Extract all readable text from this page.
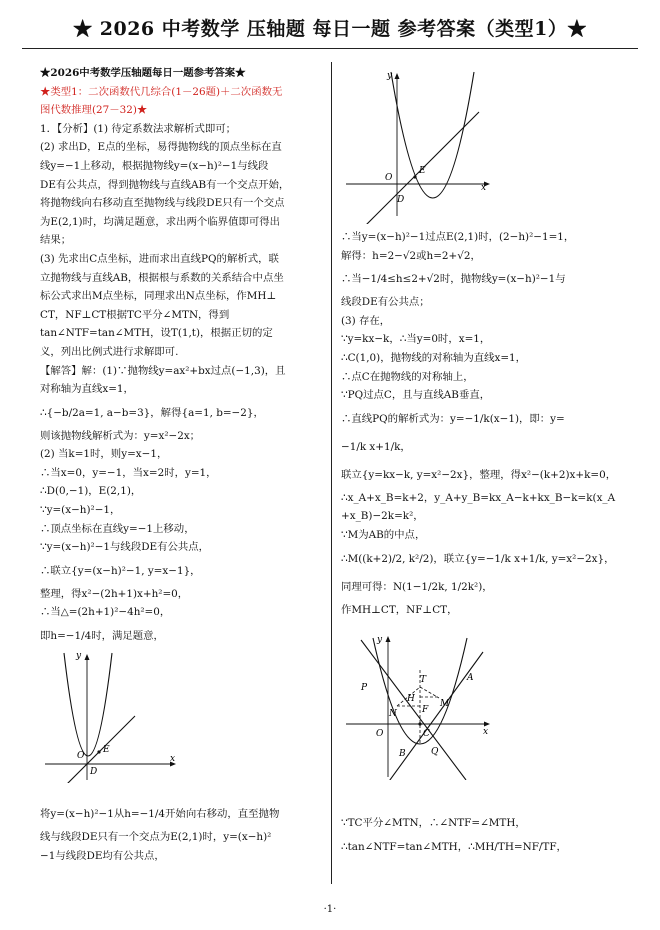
★ 2026 中考数学 压轴题 每日一题 参考答案（类型1）★
★2026中考数学压轴题每日一题参考答案★
★类型1：二次函数代几综合(1－26题)＋二次函数无
图代数推理(27－32)★
1．【分析】(1) 待定系数法求解析式即可；
(2) 求出D，E点的坐标，易得抛物线的顶点坐标在直
线y=−1上移动，根据抛物线y=(x−h)²−1与线段
DE有公共点，得到抛物线与直线AB有一个交点开始，
将抛物线向右移动直至抛物线与线段DE只有一个交点
为E(2,1)时，均满足题意，求出两个临界值即可得出
结果；
(3) 先求出C点坐标，进而求出直线PQ的解析式，联
立抛物线与直线AB，根据根与系数的关系结合中点坐
标公式求出M点坐标，同理求出N点坐标，作MH⊥
CT，NF⊥CT根据TC平分∠MTN，得到
tan∠NTF=tan∠MTH，设T(1,t)，根据正切的定
义，列出比例式进行求解即可.
【解答】解：(1)∵抛物线y=ax²+bx过点(−1,3)，且
对称轴为直线x=1，
∴{−b/2a=1, a−b=3}，解得{a=1, b=−2}，
则该抛物线解析式为：y=x²−2x；
(2) 当k=1时，则y=x−1，
∴当x=0，y=−1，当x=2时，y=1，
∴D(0,−1)，E(2,1)，
∵y=(x−h)²−1，
∴顶点坐标在直线y=−1上移动，
∵y=(x−h)²−1与线段DE有公共点，
∴联立{y=(x−h)²−1, y=x−1}，
整理，得x²−(2h+1)x+h²=0，
∴当△=(2h+1)²−4h²=0，
即h=−1/4时，满足题意，
y
x
O
E
D
将y=(x−h)²−1从h=−1/4开始向右移动，直至抛物
线与线段DE只有一个交点为E(2,1)时，y=(x−h)²
−1与线段DE均有公共点，
y
x
O
E
D
∴当y=(x−h)²−1过点E(2,1)时，(2−h)²−1=1，
解得：h=2−√2或h=2+√2，
∴当−1/4≤h≤2+√2时，抛物线y=(x−h)²−1与
线段DE有公共点；
(3) 存在，
∵y=kx−k，∴当y=0时，x=1，
∴C(1,0)，抛物线的对称轴为直线x=1，
∴点C在抛物线的对称轴上，
∵PQ过点C，且与直线AB垂直，
∴直线PQ的解析式为：y=−1/k(x−1)，即：y=
−1/k x+1/k，
联立{y=kx−k, y=x²−2x}，整理，得x²−(k+2)x+k=0，
∴x_A+x_B=k+2，y_A+y_B=kx_A−k+kx_B−k=k(x_A
+x_B)−2k=k²，
∵M为AB的中点，
∴M((k+2)/2, k²/2)，联立{y=−1/k x+1/k, y=x²−2x}，
同理可得：N(1−1/2k, 1/2k²)，
作MH⊥CT，NF⊥CT，
y
x
O	C
B	Q
P
N
H
T
F
M
A
∵TC平分∠MTN，∴∠NTF=∠MTH，
∴tan∠NTF=tan∠MTH，∴MH/TH=NF/TF，
·1·
